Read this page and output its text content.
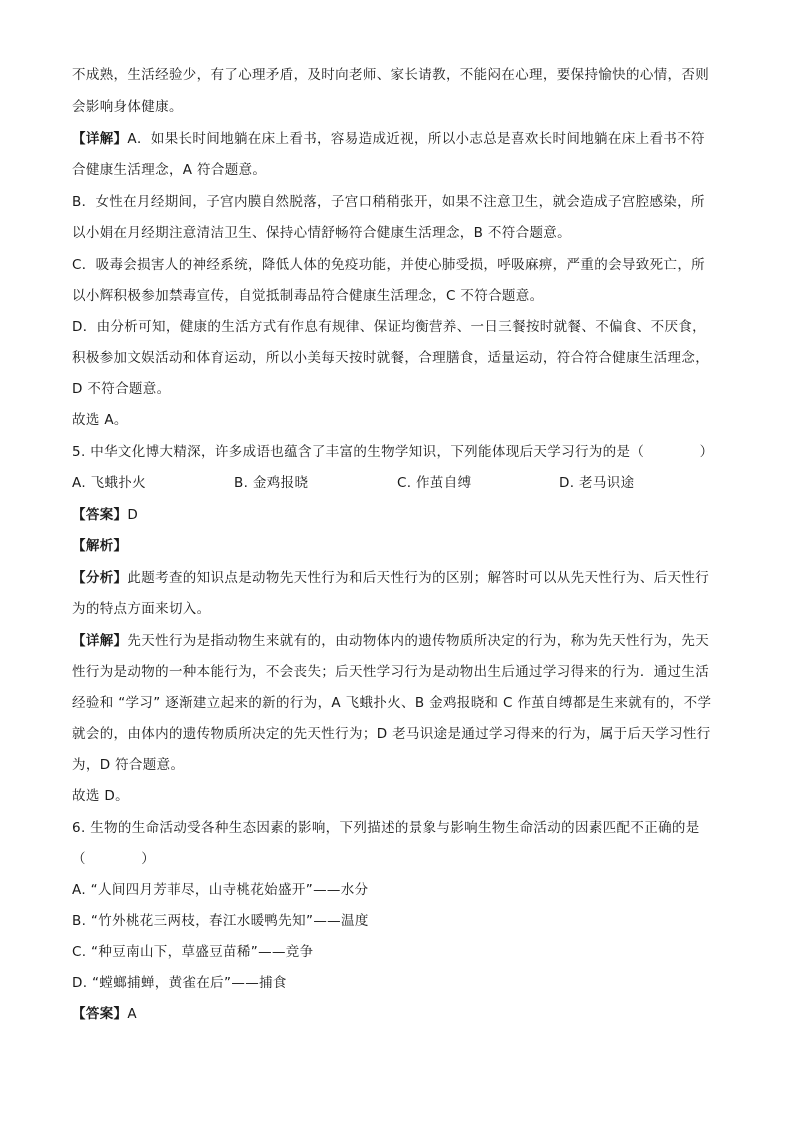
不成熟，生活经验少，有了心理矛盾，及时向老师、家长请教，不能闷在心理，要保持愉快的心情，否则
会影响身体健康。
【详解】A．如果长时间地躺在床上看书，容易造成近视，所以小志总是喜欢长时间地躺在床上看书不符
合健康生活理念，A 符合题意。
B．女性在月经期间，子宫内膜自然脱落，子宫口稍稍张开，如果不注意卫生，就会造成子宫腔感染，所
以小娟在月经期注意清洁卫生、保持心情舒畅符合健康生活理念，B 不符合题意。
C．吸毒会损害人的神经系统，降低人体的免疫功能，并使心肺受损，呼吸麻痹，严重的会导致死亡，所
以小辉积极参加禁毒宣传，自觉抵制毒品符合健康生活理念，C 不符合题意。
D．由分析可知，健康的生活方式有作息有规律、保证均衡营养、一日三餐按时就餐、不偏食、不厌食，
积极参加文娱活动和体育运动，所以小美每天按时就餐，合理膳食，适量运动，符合符合健康生活理念，
D 不符合题意。
故选 A。
5. 中华文化博大精深，许多成语也蕴含了丰富的生物学知识，下列能体现后天学习行为的是（　　　　）
A. 飞蛾扑火	B. 金鸡报晓	C. 作茧自缚	D. 老马识途
【答案】D
【解析】
【分析】此题考查的知识点是动物先天性行为和后天性行为的区别；解答时可以从先天性行为、后天性行
为的特点方面来切入。
【详解】先天性行为是指动物生来就有的，由动物体内的遗传物质所决定的行为，称为先天性行为，先天
性行为是动物的一种本能行为，不会丧失；后天性学习行为是动物出生后通过学习得来的行为．通过生活
经验和 “学习” 逐渐建立起来的新的行为，A 飞蛾扑火、B 金鸡报晓和 C 作茧自缚都是生来就有的，不学
就会的，由体内的遗传物质所决定的先天性行为；D 老马识途是通过学习得来的行为，属于后天学习性行
为，D 符合题意。
故选 D。
6. 生物的生命活动受各种生态因素的影响，下列描述的景象与影响生物生命活动的因素匹配不正确的是
（　　　　）
A. “人间四月芳菲尽，山寺桃花始盛开”——水分
B. “竹外桃花三两枝，春江水暖鸭先知”——温度
C. “种豆南山下，草盛豆苗稀”——竞争
D. “螳螂捕蝉，黄雀在后”——捕食
【答案】A
